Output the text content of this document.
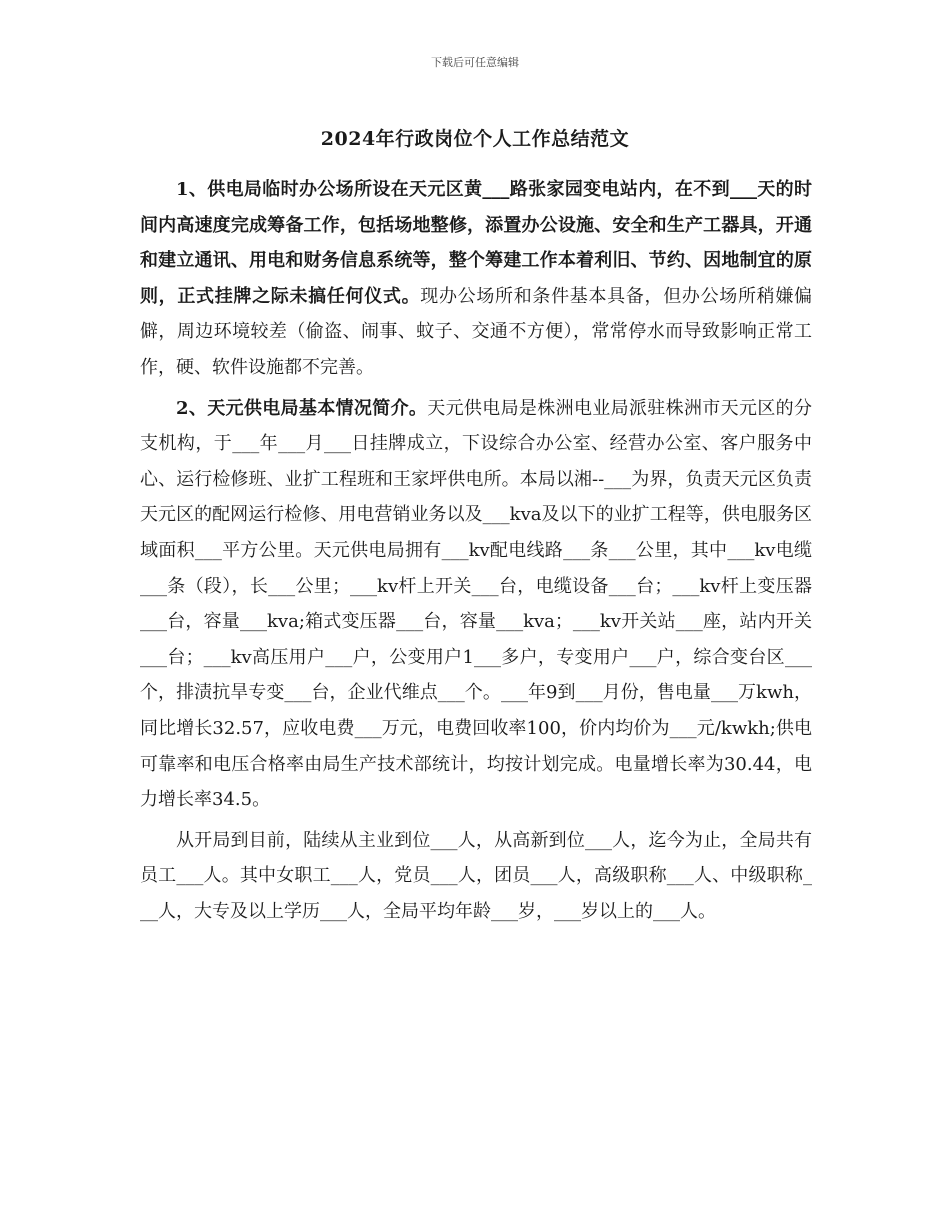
下载后可任意编辑
2024年行政岗位个人工作总结范文

1、供电局临时办公场所设在天元区黄___路张家园变电站内，在不到___天的时间内高速度完成筹备工作，包括场地整修，添置办公设施、安全和生产工器具，开通和建立通讯、用电和财务信息系统等，整个筹建工作本着利旧、节约、因地制宜的原则，正式挂牌之际未搞任何仪式。现办公场所和条件基本具备，但办公场所稍嫌偏僻，周边环境较差（偷盗、闹事、蚊子、交通不方便），常常停水而导致影响正常工作，硬、软件设施都不完善。

2、天元供电局基本情况简介。天元供电局是株洲电业局派驻株洲市天元区的分支机构，于___年___月___日挂牌成立，下设综合办公室、经营办公室、客户服务中心、运行检修班、业扩工程班和王家坪供电所。本局以湘--___为界，负责天元区负责天元区的配网运行检修、用电营销业务以及___kva及以下的业扩工程等，供电服务区域面积___平方公里。天元供电局拥有___kv配电线路___条___公里，其中___kv电缆___条（段），长___公里；___kv杆上开关___台，电缆设备___台；___kv杆上变压器___台，容量___kva;箱式变压器___台，容量___kva；___kv开关站___座，站内开关___台；___kv高压用户___户，公变用户1___多户，专变用户___户，综合变台区___个，排渍抗旱专变___台，企业代维点___个。___年9到___月份，售电量___万kwh，同比增长32.57，应收电费___万元，电费回收率100，价内均价为___元/kwkh;供电可靠率和电压合格率由局生产技术部统计，均按计划完成。电量增长率为30.44，电力增长率34.5。

从开局到目前，陆续从主业到位___人，从高新到位___人，迄今为止，全局共有员工___人。其中女职工___人，党员___人，团员___人，高级职称___人、中级职称___人，大专及以上学历___人，全局平均年龄___岁，___岁以上的___人。
